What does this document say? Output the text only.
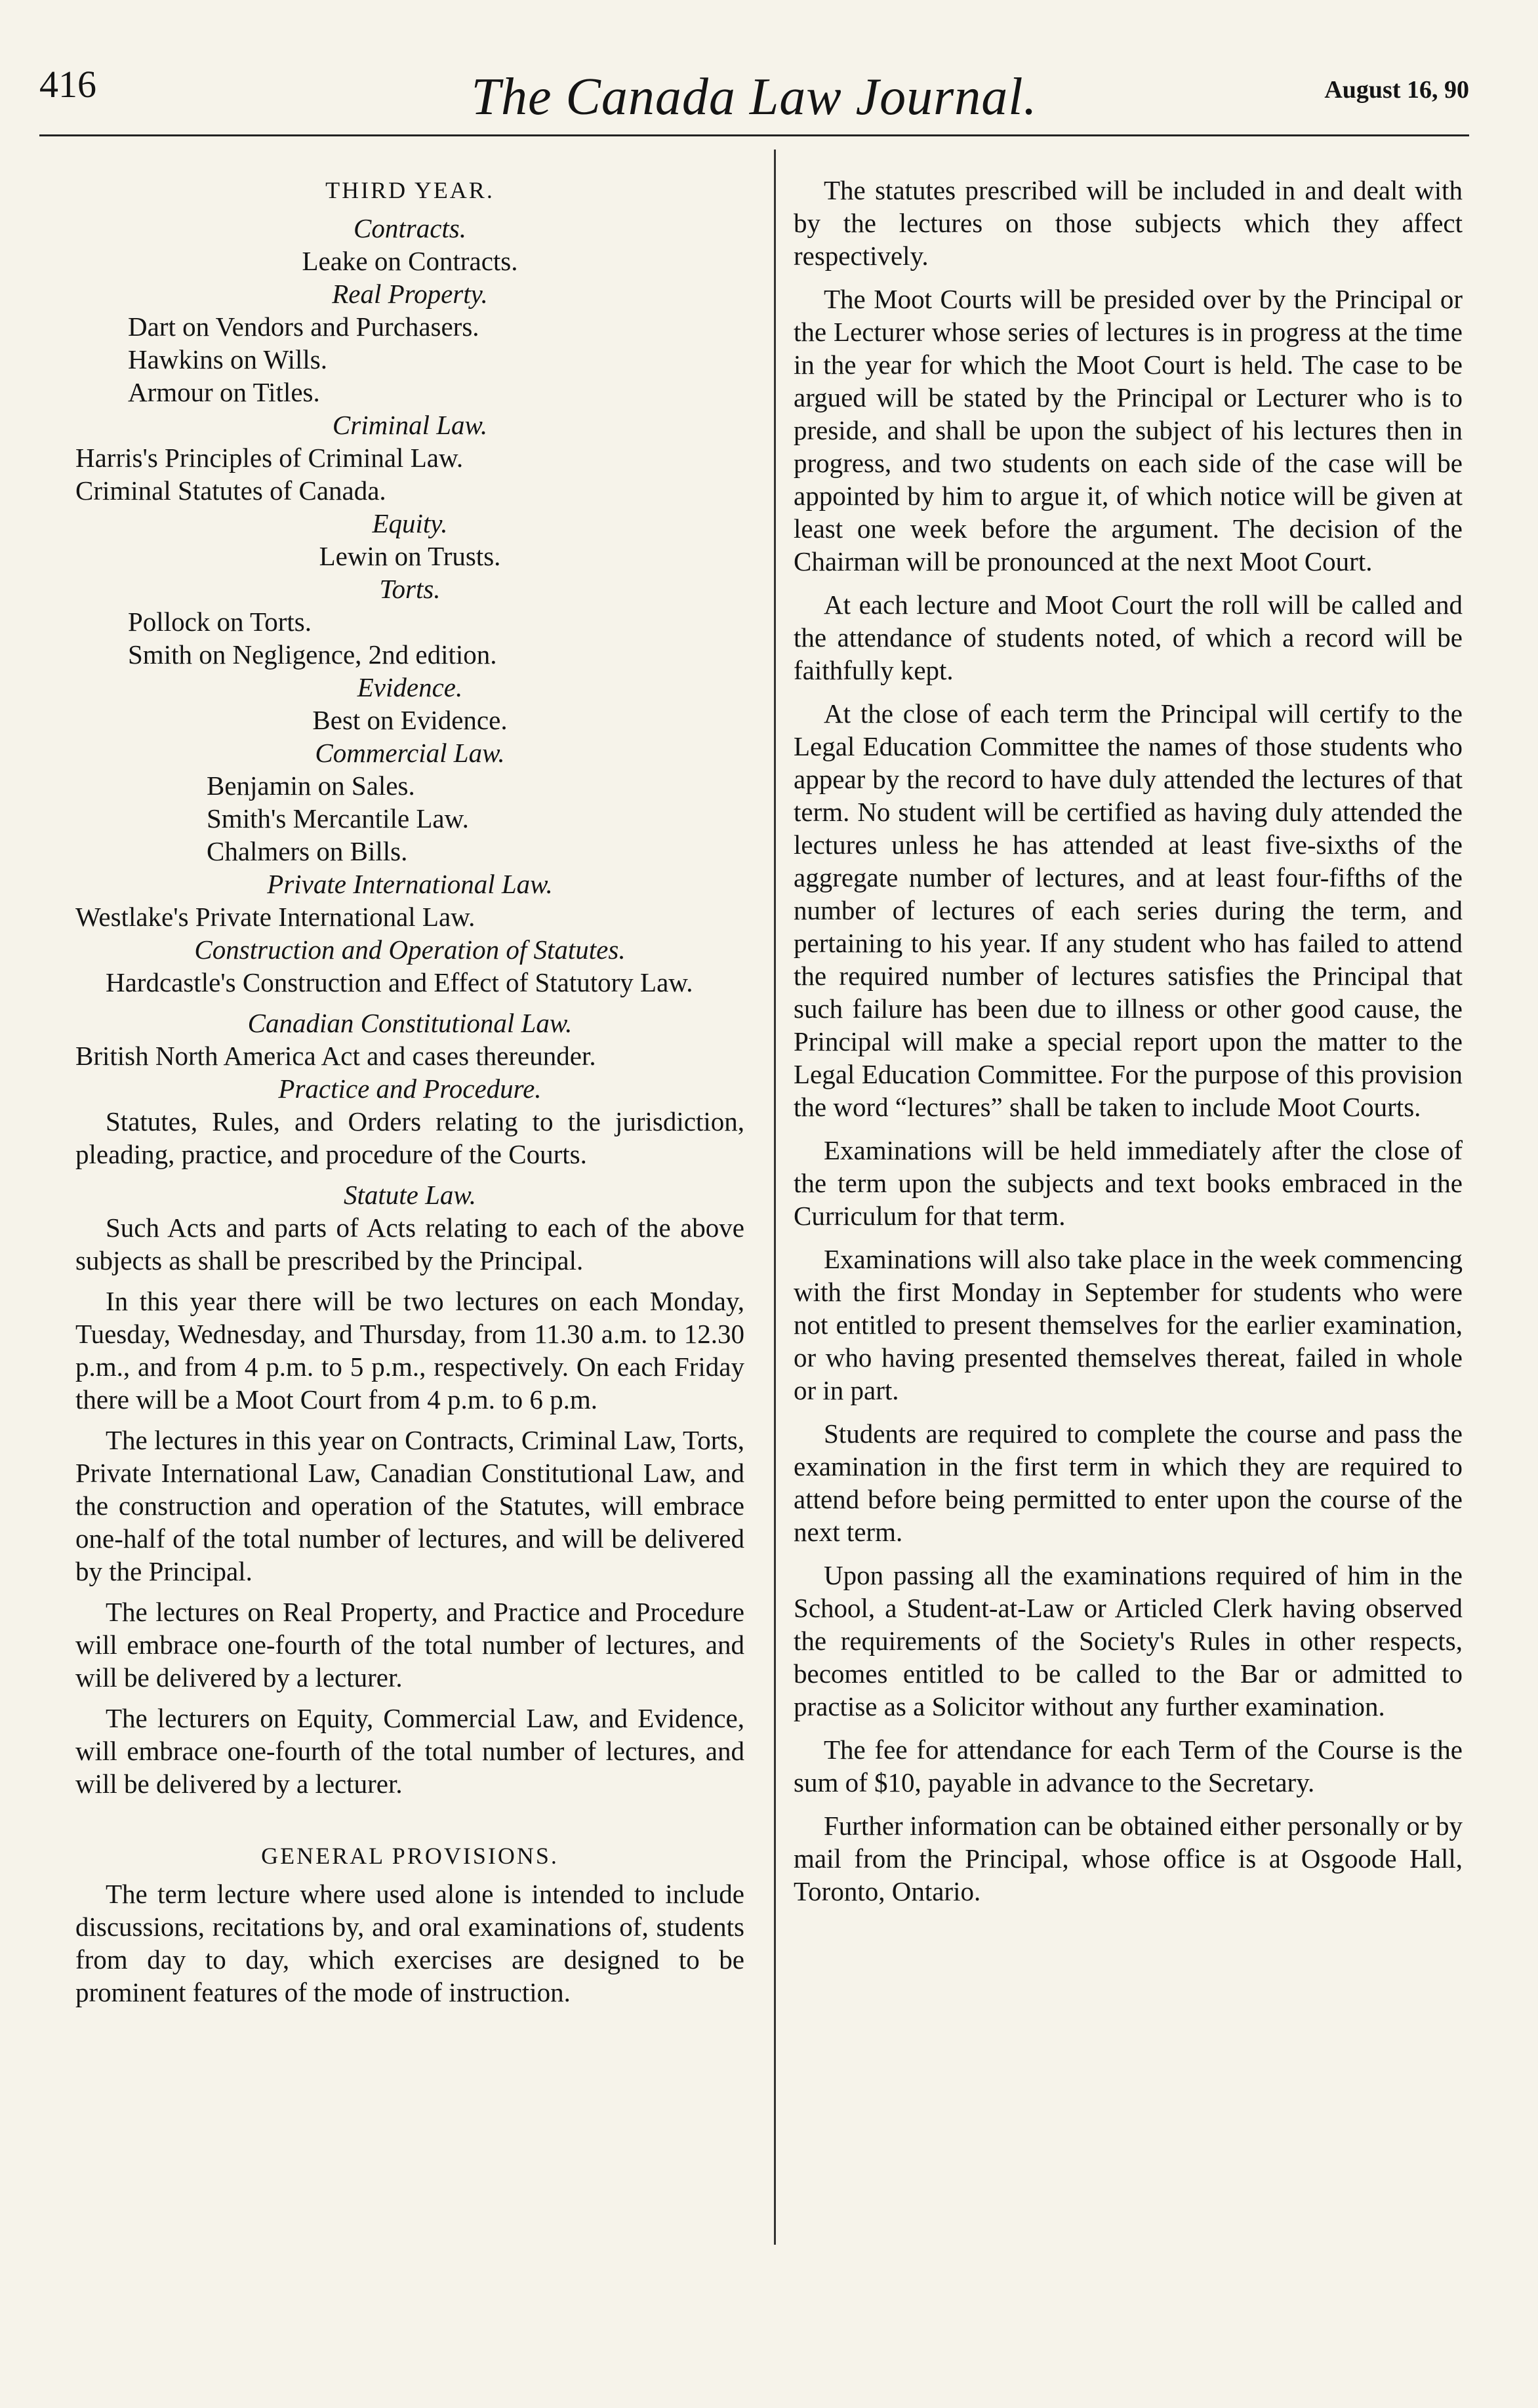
416	The Canada Law Journal.	August 16, 90

THIRD YEAR.

Contracts.

Leake on Contracts.

Real Property.

Dart on Vendors and Purchasers.

Hawkins on Wills.

Armour on Titles.

Criminal Law.

Harris's Principles of Criminal Law.

Criminal Statutes of Canada.

Equity.

Lewin on Trusts.

Torts.

Pollock on Torts.

Smith on Negligence, 2nd edition.

Evidence.

Best on Evidence.

Commercial Law.

Benjamin on Sales.

Smith's Mercantile Law.

Chalmers on Bills.

Private International Law.

Westlake's Private International Law.

Construction and Operation of Statutes.

Hardcastle's Construction and Effect of Statutory Law.

Canadian Constitutional Law.

British North America Act and cases thereunder.

Practice and Procedure.

Statutes, Rules, and Orders relating to the jurisdiction, pleading, practice, and procedure of the Courts.

Statute Law.

Such Acts and parts of Acts relating to each of the above subjects as shall be prescribed by the Principal.

In this year there will be two lectures on each Monday, Tuesday, Wednesday, and Thursday, from 11.30 a.m. to 12.30 p.m., and from 4 p.m. to 5 p.m., respectively. On each Friday there will be a Moot Court from 4 p.m. to 6 p.m.

The lectures in this year on Contracts, Criminal Law, Torts, Private International Law, Canadian Constitutional Law, and the construction and operation of the Statutes, will embrace one-half of the total number of lectures, and will be delivered by the Principal.

The lectures on Real Property, and Practice and Procedure will embrace one-fourth of the total number of lectures, and will be delivered by a lecturer.

The lecturers on Equity, Commercial Law, and Evidence, will embrace one-fourth of the total number of lectures, and will be delivered by a lecturer.

GENERAL PROVISIONS.

The term lecture where used alone is intended to include discussions, recitations by, and oral examinations of, students from day to day, which exercises are designed to be prominent features of the mode of instruction.

The statutes prescribed will be included in and dealt with by the lectures on those subjects which they affect respectively.

The Moot Courts will be presided over by the Principal or the Lecturer whose series of lectures is in progress at the time in the year for which the Moot Court is held. The case to be argued will be stated by the Principal or Lecturer who is to preside, and shall be upon the subject of his lectures then in progress, and two students on each side of the case will be appointed by him to argue it, of which notice will be given at least one week before the argument. The decision of the Chairman will be pronounced at the next Moot Court.

At each lecture and Moot Court the roll will be called and the attendance of students noted, of which a record will be faithfully kept.

At the close of each term the Principal will certify to the Legal Education Committee the names of those students who appear by the record to have duly attended the lectures of that term. No student will be certified as having duly attended the lectures unless he has attended at least five-sixths of the aggregate number of lectures, and at least four-fifths of the number of lectures of each series during the term, and pertaining to his year. If any student who has failed to attend the required number of lectures satisfies the Principal that such failure has been due to illness or other good cause, the Principal will make a special report upon the matter to the Legal Education Committee. For the purpose of this provision the word “lectures” shall be taken to include Moot Courts.

Examinations will be held immediately after the close of the term upon the subjects and text books embraced in the Curriculum for that term.

Examinations will also take place in the week commencing with the first Monday in September for students who were not entitled to present themselves for the earlier examination, or who having presented themselves thereat, failed in whole or in part.

Students are required to complete the course and pass the examination in the first term in which they are required to attend before being permitted to enter upon the course of the next term.

Upon passing all the examinations required of him in the School, a Student-at-Law or Articled Clerk having observed the requirements of the Society's Rules in other respects, becomes entitled to be called to the Bar or admitted to practise as a Solicitor without any further examination.

The fee for attendance for each Term of the Course is the sum of $10, payable in advance to the Secretary.

Further information can be obtained either personally or by mail from the Principal, whose office is at Osgoode Hall, Toronto, Ontario.
